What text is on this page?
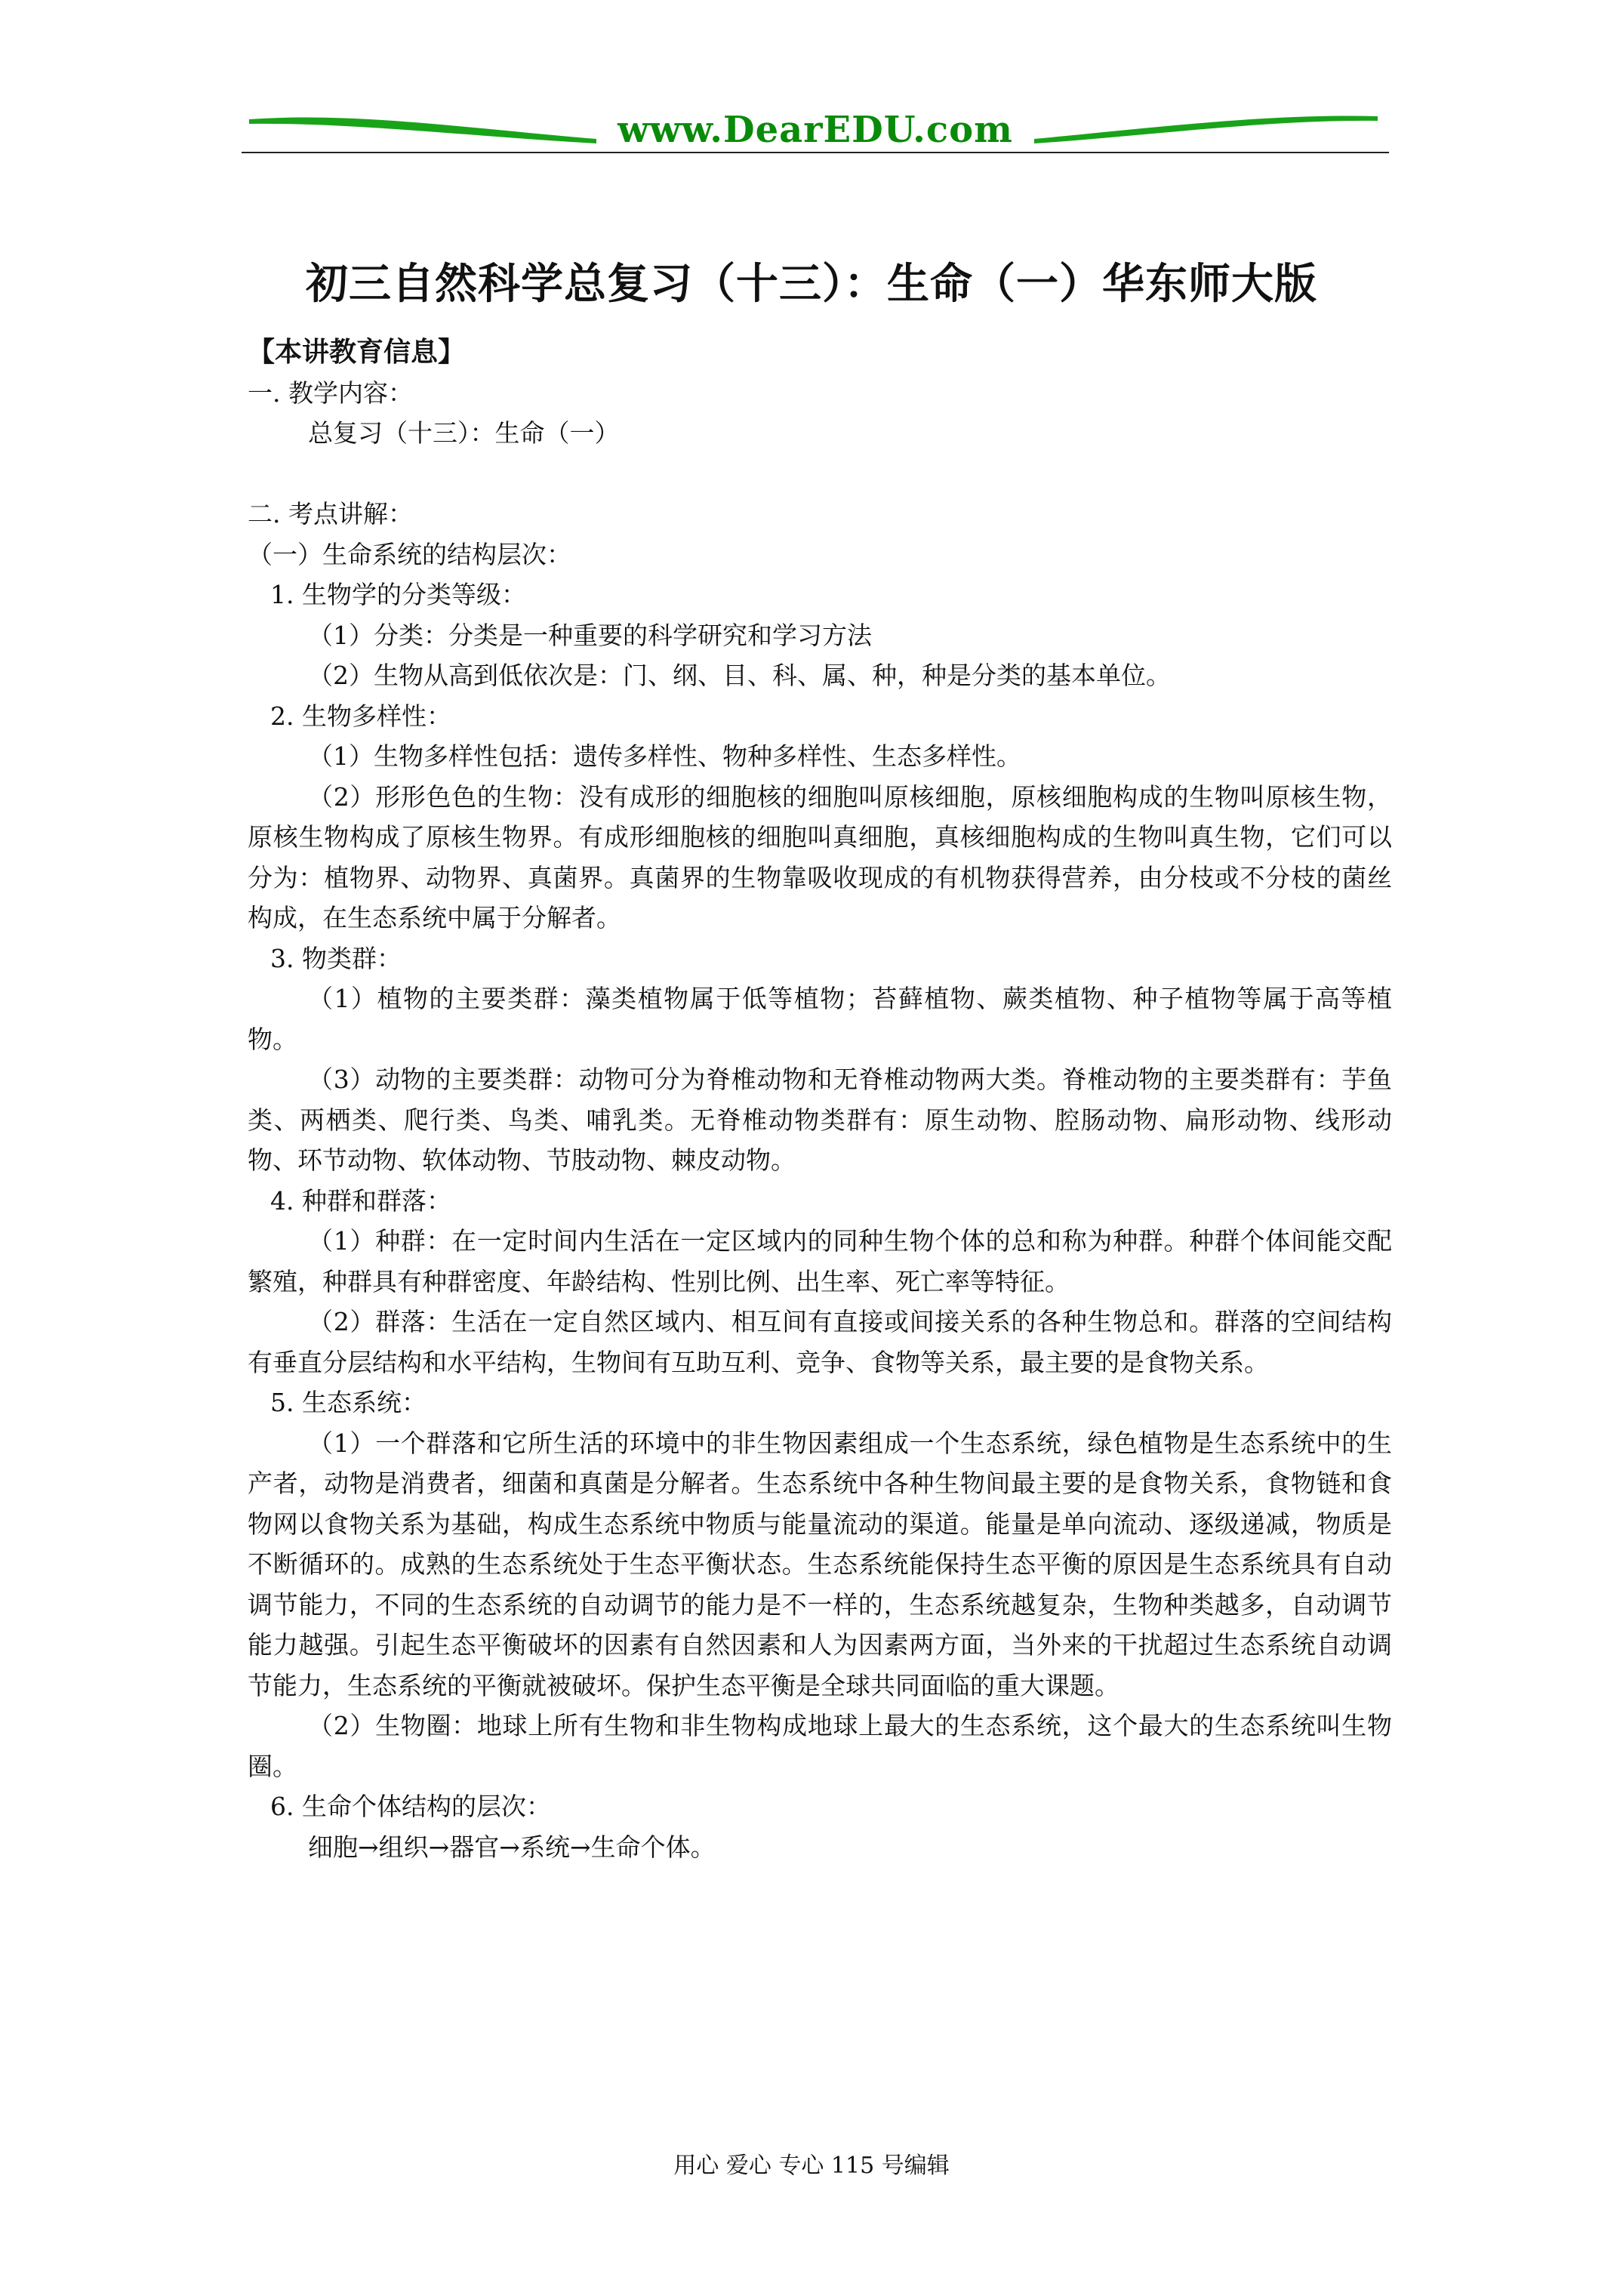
www.DearEDU.com
初三自然科学总复习（十三）：生命（一）华东师大版

【本讲教育信息】

一. 教学内容：

总复习（十三）：生命（一）

二. 考点讲解：

（一）生命系统的结构层次：

1. 生物学的分类等级：

（1）分类：分类是一种重要的科学研究和学习方法

（2）生物从高到低依次是：门、纲、目、科、属、种，种是分类的基本单位。

2. 生物多样性：

（1）生物多样性包括：遗传多样性、物种多样性、生态多样性。

（2）形形色色的生物：没有成形的细胞核的细胞叫原核细胞，原核细胞构成的生物叫原核生物，原核生物构成了原核生物界。有成形细胞核的细胞叫真细胞，真核细胞构成的生物叫真生物，它们可以分为：植物界、动物界、真菌界。真菌界的生物靠吸收现成的有机物获得营养，由分枝或不分枝的菌丝构成，在生态系统中属于分解者。

3. 物类群：

（1）植物的主要类群：藻类植物属于低等植物；苔藓植物、蕨类植物、种子植物等属于高等植物。

（3）动物的主要类群：动物可分为脊椎动物和无脊椎动物两大类。脊椎动物的主要类群有：芋鱼类、两栖类、爬行类、鸟类、哺乳类。无脊椎动物类群有：原生动物、腔肠动物、扁形动物、线形动物、环节动物、软体动物、节肢动物、棘皮动物。

4. 种群和群落：

（1）种群：在一定时间内生活在一定区域内的同种生物个体的总和称为种群。种群个体间能交配繁殖，种群具有种群密度、年龄结构、性别比例、出生率、死亡率等特征。

（2）群落：生活在一定自然区域内、相互间有直接或间接关系的各种生物总和。群落的空间结构有垂直分层结构和水平结构，生物间有互助互利、竞争、食物等关系，最主要的是食物关系。

5. 生态系统：

（1）一个群落和它所生活的环境中的非生物因素组成一个生态系统，绿色植物是生态系统中的生产者，动物是消费者，细菌和真菌是分解者。生态系统中各种生物间最主要的是食物关系，食物链和食物网以食物关系为基础，构成生态系统中物质与能量流动的渠道。能量是单向流动、逐级递减，物质是不断循环的。成熟的生态系统处于生态平衡状态。生态系统能保持生态平衡的原因是生态系统具有自动调节能力，不同的生态系统的自动调节的能力是不一样的，生态系统越复杂，生物种类越多，自动调节能力越强。引起生态平衡破坏的因素有自然因素和人为因素两方面，当外来的干扰超过生态系统自动调节能力，生态系统的平衡就被破坏。保护生态平衡是全球共同面临的重大课题。

（2）生物圈：地球上所有生物和非生物构成地球上最大的生态系统，这个最大的生态系统叫生物圈。

6. 生命个体结构的层次：

细胞→组织→器官→系统→生命个体。

用心 爱心 专心 115 号编辑
